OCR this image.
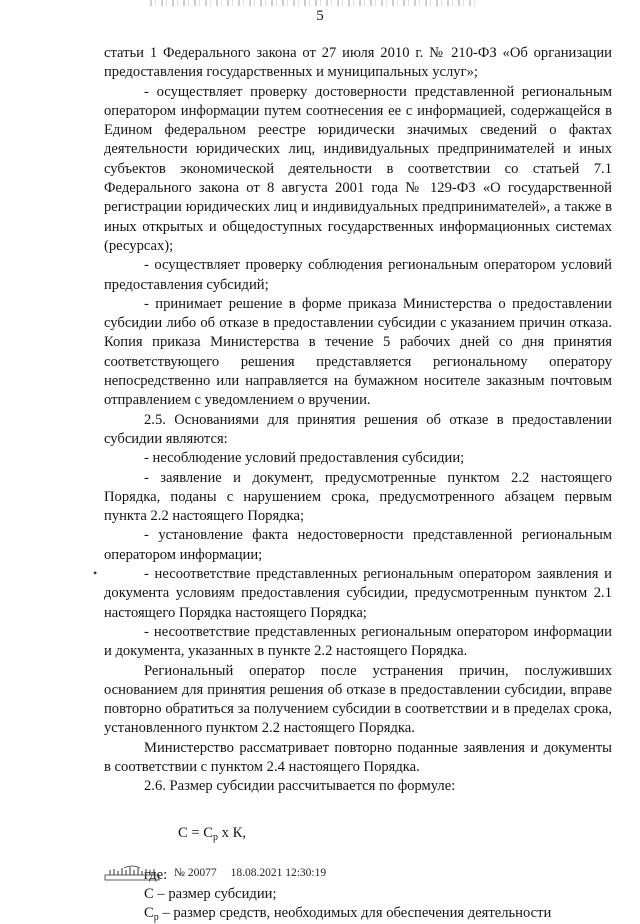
5

статьи 1 Федерального закона от 27 июля 2010 г. № 210-ФЗ «Об организации предоставления государственных и муниципальных услуг»;

- осуществляет проверку достоверности представленной региональным оператором информации путем соотнесения ее с информацией, содержащейся в Едином федеральном реестре юридически значимых сведений о фактах деятельности юридических лиц, индивидуальных предпринимателей и иных субъектов экономической деятельности в соответствии со статьей 7.1 Федерального закона от 8 августа 2001 года № 129-ФЗ «О государственной регистрации юридических лиц и индивидуальных предпринимателей», а также в иных открытых и общедоступных государственных информационных системах (ресурсах);

- осуществляет проверку соблюдения региональным оператором условий предоставления субсидий;

- принимает решение в форме приказа Министерства о предоставлении субсидии либо об отказе в предоставлении субсидии с указанием причин отказа. Копия приказа Министерства в течение 5 рабочих дней со дня принятия соответствующего решения представляется региональному оператору непосредственно или направляется на бумажном носителе заказным почтовым отправлением с уведомлением о вручении.

2.5. Основаниями для принятия решения об отказе в предоставлении субсидии являются:

- несоблюдение условий предоставления субсидии;

- заявление и документ, предусмотренные пунктом 2.2 настоящего Порядка, поданы с нарушением срока, предусмотренного абзацем первым пункта 2.2 настоящего Порядка;

- установление факта недостоверности представленной региональным оператором информации;

- несоответствие представленных региональным оператором заявления и документа условиям предоставления субсидии, предусмотренным пунктом 2.1 настоящего Порядка настоящего Порядка;

- несоответствие представленных региональным оператором информации и документа, указанных в пункте 2.2 настоящего Порядка.

Региональный оператор после устранения причин, послуживших основанием для принятия решения об отказе в предоставлении субсидии, вправе повторно обратиться за получением субсидии в соответствии и в пределах срока, установленного пунктом 2.2 настоящего Порядка.

Министерство рассматривает повторно поданные заявления и документы в соответствии с пунктом 2.4 настоящего Порядка.

2.6. Размер субсидии рассчитывается по формуле:

$С = С_р$ х К,

где:

С – размер субсидии;

$С_р$ – размер средств, необходимых для обеспечения деятельности

•
№ 20077 18.08.2021 12:30:19
